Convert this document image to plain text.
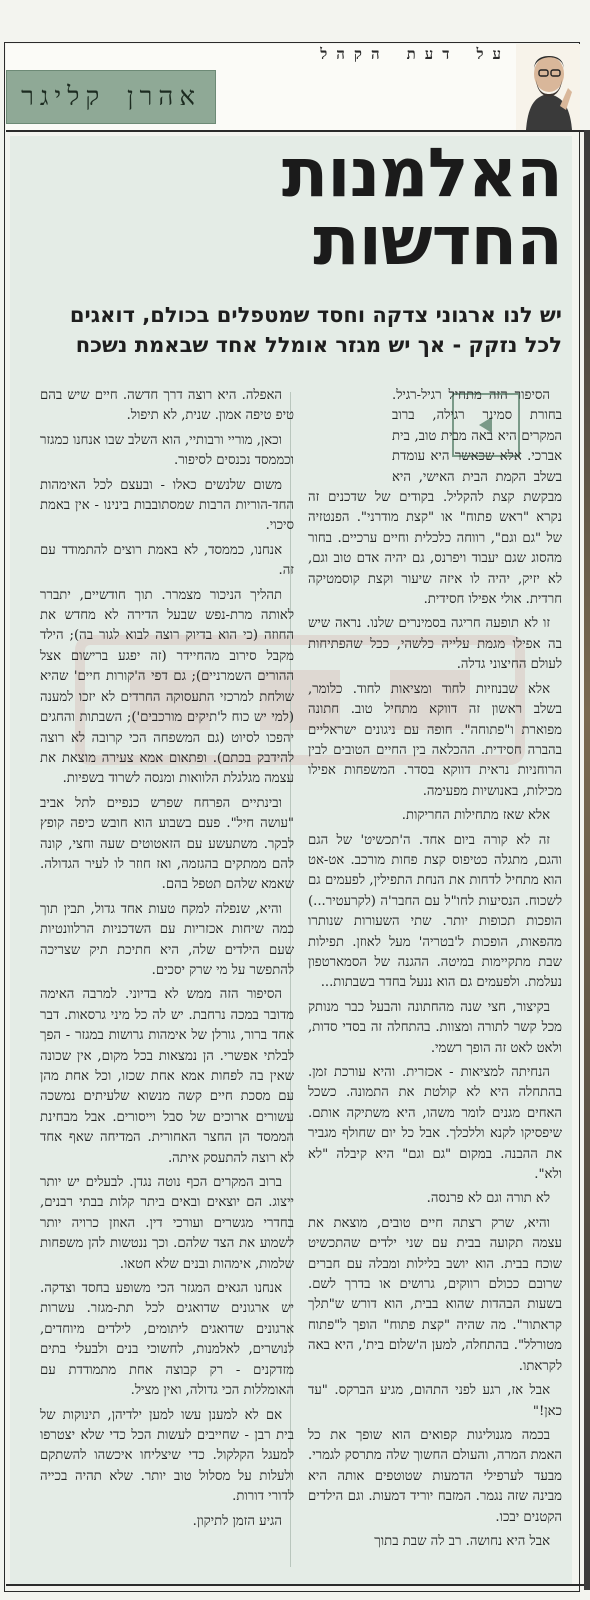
על דעת הקהל
אהרן קליגר
האלמנות
החדשות

יש לנו ארגוני צדקה וחסד שמטפלים בכולם, דואגים לכל נזקק - אך יש מגזר אומלל אחד שבאמת נשכח

הסיפור הזה מתחיל רגיל-רגיל. בחורת סמינר רגילה, ברוב המקרים היא באה מבית טוב, בית אברכי. אלא שכאשר היא עומדת בשלב הקמת הבית האישי, היא מבקשת קצת להקליל. בקודים של שדכנים זה נקרא "ראש פתוח" או "קצת מודרני". הפנטזיה של "גם וגם", רווחה כלכלית וחיים ערכיים. בחור מהסוג שגם יעבוד ויפרנס, גם יהיה אדם טוב וגם, לא יזיק, יהיה לו איזה שיעור וקצת קוסמטיקה חרדית. אולי אפילו חסידית.

זו לא תופעה חריגה בסמינרים שלנו. נראה שיש בה אפילו מגמת עלייה כלשהי, ככל שהפתיחות לעולם החיצוני גדלה.

אלא שבנוזיות לחוד ומציאות לחוד. כלומר, בשלב ראשון זה דווקא מתחיל טוב. חתונה מפוארת ו"פתוחה". חופה עם ניגונים ישראליים בהברה חסידית. ההכלאה בין החיים הטובים לבין הרוחניות נראית דווקא בסדר. המשפחות אפילו מכילות, באנושיות מפעימה.

אלא שאז מתחילות החריקות.

זה לא קורה ביום אחד. ה'תכשיט' של הגם והגם, מתגלה כטיפוס קצת פחות מורכב. אט-אט הוא מתחיל לדחות את הנחת התפילין, לפעמים גם לשכוח. הנסיעות לחו"ל עם החבר'ה (לקרעטיר...) הופכות תכופות יותר. שתי השעורות שנותרו מהפאות, הופכות ל'בטריה' מעל לאוזן. תפילות שבת מתקיימות במיטה. ההגנה של הסמארטפון נעלמת. ולפעמים גם הוא ננעל בחדר בשבתות...

בקיצור, חצי שנה מהחתונה והבעל כבר מנותק מכל קשר לתורה ומצוות. בהתחלה זה בסדי סדות, ולאט לאט זה הופך רשמי.

הנחיתה למציאות - אכזרית. והיא עורכת זמן. בהתחלה היא לא קולטת את התמונה. כשכל האחים מגנים לומר משהו, היא משתיקה אותם. שיפסיקו לקנא וללכלך. אבל כל יום שחולף מגביר את ההבנה. במקום "גם וגם" היא קיבלה "לא ולא".

לא תורה וגם לא פרנסה.

והיא, שרק רצתה חיים טובים, מוצאת את עצמה תקועה בבית עם שני ילדים שהתכשיט שוכח בבית. הוא יושב בלילות ומבלה עם חברים שרובם ככולם רווקים, גרושים או בדרך לשם. בשעות הבהדות שהוא בבית, הוא דורש ש"תלך קראתור". מה שהיה "קצת פתוח" הופך ל"פתוח מטורלל". בהתחלה, למען ה'שלום בית', היא באה לקראתו.

אבל אז, רגע לפני התהום, מגיע הברקס. "עד כאן!"

בכמה מגנוליגות קפואים הוא שופך את כל האמת המרה, והעולם החשוך שלה מתרסק לגמרי. מבעד לערפילי הדמעות שטוטפים אותה היא מבינה שזה נגמר. המזבח יוריד דמעות. וגם הילדים הקטנים יבכו.

אבל היא נחושה. רב לה שבת בתוך

האפלה. היא רוצה דרך חדשה. חיים שיש בהם טיפ טיפה אמון. שנית, לא תיפול.

וכאן, מוריי ורבותיי, הוא השלב שבו אנחנו כמגזר וכממסד נכנסים לסיפור.

משום שלנשים כאלו - ובעצם לכל האימהות החד-הוריות הרבות שמסתובבות בינינו - אין באמת סיכוי.

אנחנו, כממסד, לא באמת רוצים להתמודד עם זה.

תהליך הניכור מצמרר. תוך חודשיים, יתברר לאותה מרת-נפש שבעל הדירה לא מחדש את החוזה (כי הוא בדיוק רוצה לבוא לגור בה); הילד מקבל סירוב מהחיידר (זה יפגע ברישום אצל ההורים השמרניים); גם דפי ה'קורות חיים' שהיא שולחת למרכזי התעסוקה החרדים לא יזכו למענה (למי יש כוח ל'תיקים מורכבים'); השבתות והחגים יהפכו לסיוט (גם המשפחה הכי קרובה לא רוצה להידבק בכתם). ופתאום אמא צעירה מוצאת את עצמה מגלגלת הלוואות ומנסה לשרוד בשפיות.

ובינתיים הפרחח שפרש כנפיים לתל אביב "עושה חיל". פעם בשבוע הוא חובש כיפה קופץ לבקר. משתעשע עם הזאטוטים שעה וחצי, קונה להם ממתקים בהגזמה, ואז חוזר לו לעיר הגדולה. שאמא שלהם תטפל בהם.

והיא, שנפלה למקח טעות אחד גדול, תבין תוך כמה שיחות אכזריות עם השדכניות הרלוונטיות שעם הילדים שלה, היא חתיכת תיק שצריכה להתפשר על מי שרק יסכים.

הסיפור הזה ממש לא בדיוני. למרבה האימה מדובר במכה נרחבת. יש לה כל מיני גרסאות. דבר אחד ברור, גורלן של אימהות גרושות במגזר - הפך לבלתי אפשרי. הן נמצאות בכל מקום, אין שכונה שאין בה לפחות אמא אחת שכזו, וכל אחת מהן עם מסכת חיים קשה מנשוא שלעיתים נמשכה עשורים ארוכים של סבל וייסורים. אבל מבחינת הממסד הן החצר האחורית. המדיחה שאף אחד לא רוצה להתעסק איתה.

ברוב המקרים הכף נוטה נגדן. לבעלים יש יותר ייצוג. הם יוצאים ובאים ביתר קלות בבתי רבנים, בחדרי מגשרים ועורכי דין. האוזן כרויה יותר לשמוע את הצד שלהם. וכך ננטשות להן משפחות שלמות, אימהות ובנים שלא חטאו.

אנחנו הגאים המגזר הכי משופע בחסד וצדקה. יש ארגונים שדואגים לכל תת-מגזר. עשרות ארגונים שדואגים ליתומים, לילדים מיוחדים, לנושרים, לאלמנות, לחשוכי בנים ולבעלי בתים מזדקנים - רק קבוצה אחת מתמודדת עם האומללות הכי גדולה, ואין מציל.

אם לא למענן עשו למען ילדיהן, תינוקות של בית רבן - שחייבים לעשות הכל כדי שלא יצטרפו למעגל הקלקול. כדי שיצליחו איכשהו להשתקם ולעלות על מסלול טוב יותר. שלא תהיה בכייה לדורי דורות.

הגיע הזמן לתיקון.
